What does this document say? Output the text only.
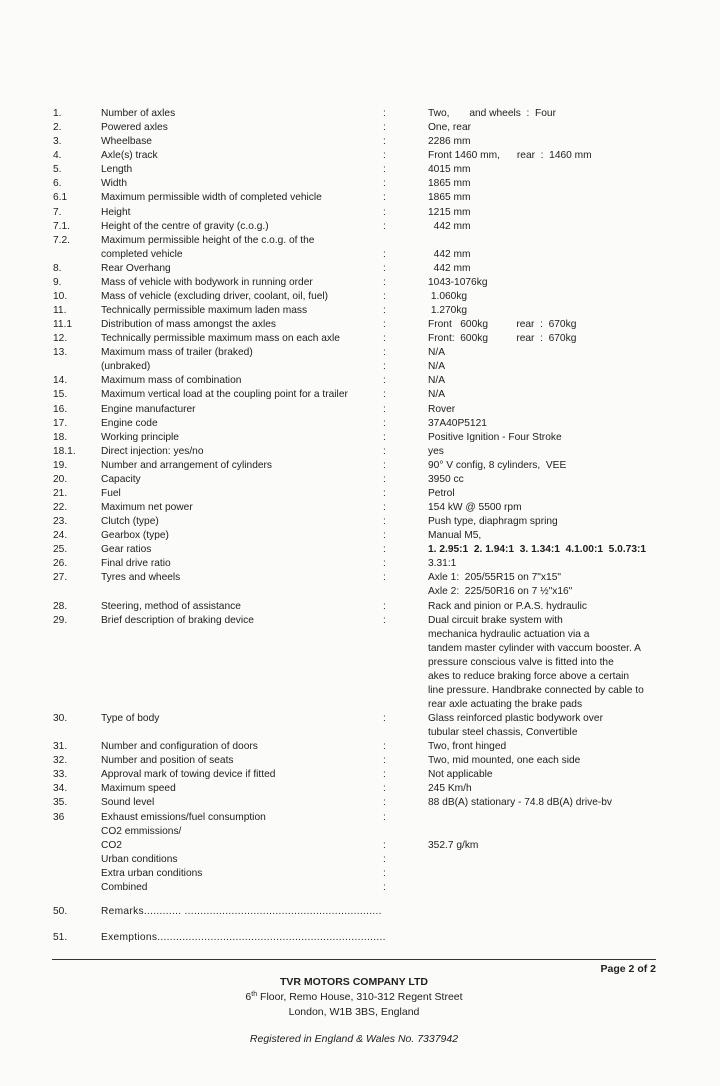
1.	Number of axles	:	Two,       and wheels  :  Four
2.	Powered axles	:	One, rear
3.	Wheelbase	:	2286 mm
4.	Axle(s) track	:	Front 1460 mm,      rear  :  1460 mm
5.	Length	:	4015 mm
6.	Width	:	1865 mm
6.1	Maximum permissible width of completed vehicle	:	1865 mm
7.	Height	:	1215 mm
7.1.	Height of the centre of gravity (c.o.g.)	:	442 mm
7.2.	Maximum permissible height of the c.o.g. of the
completed vehicle	:	442 mm
8.	Rear Overhang	:	442 mm
9.	Mass of vehicle with bodywork in running order	:	1043-1076kg
10.	Mass of vehicle (excluding driver, coolant, oil, fuel)	:	1.060kg
11.	Technically permissible maximum laden mass	:	1.270kg
11.1	Distribution of mass amongst the axles	:	Front   600kg          rear  :  670kg
12.	Technically permissible maximum mass on each axle	:	Front:  600kg          rear  :  670kg
13.	Maximum mass of trailer (braked)	:	N/A
(unbraked)	:	N/A
14.	Maximum mass of combination	:	N/A
15.	Maximum vertical load at the coupling point for a trailer	:	N/A
16.	Engine manufacturer	:	Rover
17.	Engine code	:	37A40P5121
18.	Working principle	:	Positive Ignition - Four Stroke
18.1. Direct injection: yes/no	:	yes
19.	Number and arrangement of cylinders	:	90° V config, 8 cylinders,  VEE
20.	Capacity	:	3950 cc
21.	Fuel	:	Petrol
22.	Maximum net power	:	154 kW @ 5500 rpm
23.	Clutch (type)	:	Push type, diaphragm spring
24.	Gearbox (type)	:	Manual M5,
25.	Gear ratios	:	1. 2.95:1  2. 1.94:1  3. 1.34:1  4.1.00:1  5.0.73:1
26.	Final drive ratio	:	3.31:1
27.	Tyres and wheels	:	Axle 1:  205/55R15 on 7"x15"
Axle 2:  225/50R16 on 7 ½"x16"
28.	Steering, method of assistance	:	Rack and pinion or P.A.S. hydraulic
29.	Brief description of braking device	:	Dual circuit brake system with
mechanica hydraulic actuation via a
tandem master cylinder with vaccum booster. A
pressure conscious valve is fitted into the
akes to reduce braking force above a certain
line pressure. Handbrake connected by cable to
rear axle actuating the brake pads
30.	Type of body	:	Glass reinforced plastic bodywork over
tubular steel chassis, Convertible
31.	Number and configuration of doors	:	Two, front hinged
32.	Number and position of seats	:	Two, mid mounted, one each side
33.	Approval mark of towing device if fitted	:	Not applicable
34.	Maximum speed	:	245 Km/h
35.	Sound level	:	88 dB(A) stationary - 74.8 dB(A) drive-bv
36	Exhaust emissions/fuel consumption	:
CO2 emmissions/
CO2	:	352.7 g/km
Urban conditions	:
Extra urban conditions	:
Combined	:
50.	Remarks............ ...............................................................
51.	Exemptions.........................................................................
Page 2 of 2
TVR MOTORS COMPANY LTD
6th Floor, Remo House, 310-312 Regent Street
London, W1B 3BS, England
Registered in England & Wales No. 7337942
